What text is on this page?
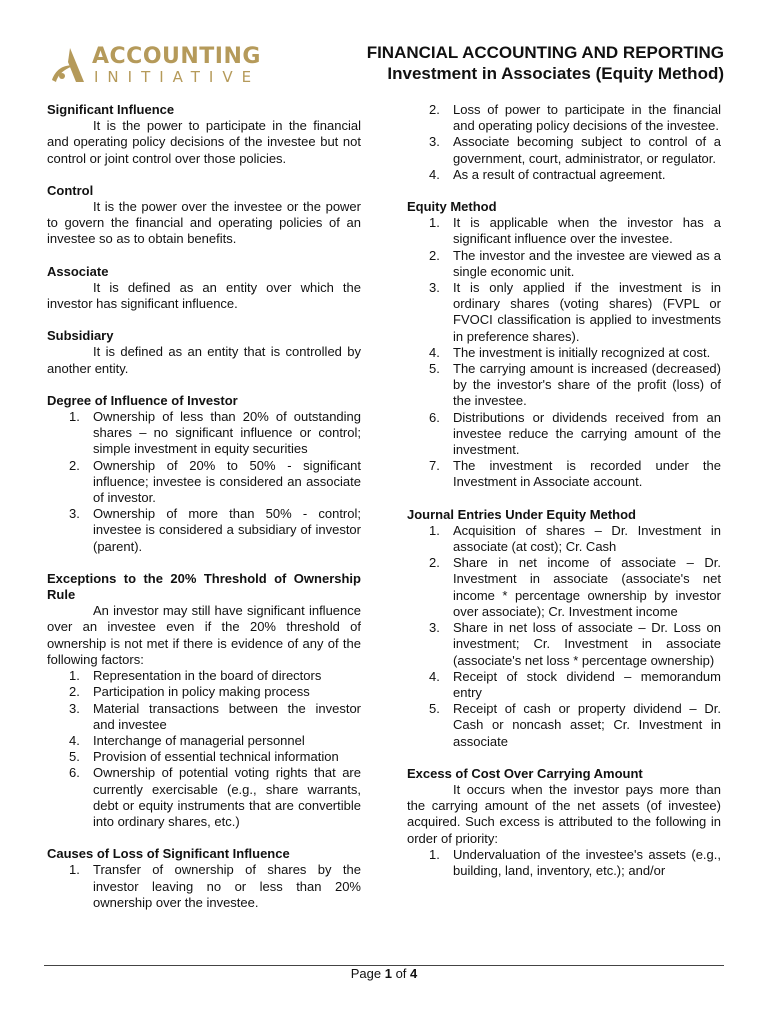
ACCOUNTING
INITIATIVE
FINANCIAL ACCOUNTING AND REPORTING
Investment in Associates (Equity Method)

Significant Influence

It is the power to participate in the financial and operating policy decisions of the investee but not control or joint control over those policies.

Control

It is the power over the investee or the power to govern the financial and operating policies of an investee so as to obtain benefits.

Associate

It is defined as an entity over which the investor has significant influence.

Subsidiary

It is defined as an entity that is controlled by another entity.

Degree of Influence of Investor

1.	Ownership of less than 20% of outstanding shares – no significant influence or control; simple investment in equity securities
2.	Ownership of 20% to 50% - significant influence; investee is considered an associate of investor.
3.	Ownership of more than 50% - control; investee is considered a subsidiary of investor (parent).

Exceptions to the 20% Threshold of Ownership Rule

An investor may still have significant influence over an investee even if the 20% threshold of ownership is not met if there is evidence of any of the following factors:

1.	Representation in the board of directors
2.	Participation in policy making process
3.	Material transactions between the investor and investee
4.	Interchange of managerial personnel
5.	Provision of essential technical information
6.	Ownership of potential voting rights that are currently exercisable (e.g., share warrants, debt or equity instruments that are convertible into ordinary shares, etc.)

Causes of Loss of Significant Influence

1.	Transfer of ownership of shares by the investor leaving no or less than 20% ownership over the investee.
2.	Loss of power to participate in the financial and operating policy decisions of the investee.
3.	Associate becoming subject to control of a government, court, administrator, or regulator.
4.	As a result of contractual agreement.

Equity Method

1.	It is applicable when the investor has a significant influence over the investee.
2.	The investor and the investee are viewed as a single economic unit.
3.	It is only applied if the investment is in ordinary shares (voting shares) (FVPL or FVOCI classification is applied to investments in preference shares).
4.	The investment is initially recognized at cost.
5.	The carrying amount is increased (decreased) by the investor's share of the profit (loss) of the investee.
6.	Distributions or dividends received from an investee reduce the carrying amount of the investment.
7.	The investment is recorded under the Investment in Associate account.

Journal Entries Under Equity Method

1.	Acquisition of shares – Dr. Investment in associate (at cost); Cr. Cash
2.	Share in net income of associate – Dr. Investment in associate (associate's net income * percentage ownership by investor over associate); Cr. Investment income
3.	Share in net loss of associate – Dr. Loss on investment; Cr. Investment in associate (associate's net loss * percentage ownership)
4.	Receipt of stock dividend – memorandum entry
5.	Receipt of cash or property dividend – Dr. Cash or noncash asset; Cr. Investment in associate

Excess of Cost Over Carrying Amount

It occurs when the investor pays more than the carrying amount of the net assets (of investee) acquired. Such excess is attributed to the following in order of priority:

1.	Undervaluation of the investee's assets (e.g., building, land, inventory, etc.); and/or
Page 1 of 4
